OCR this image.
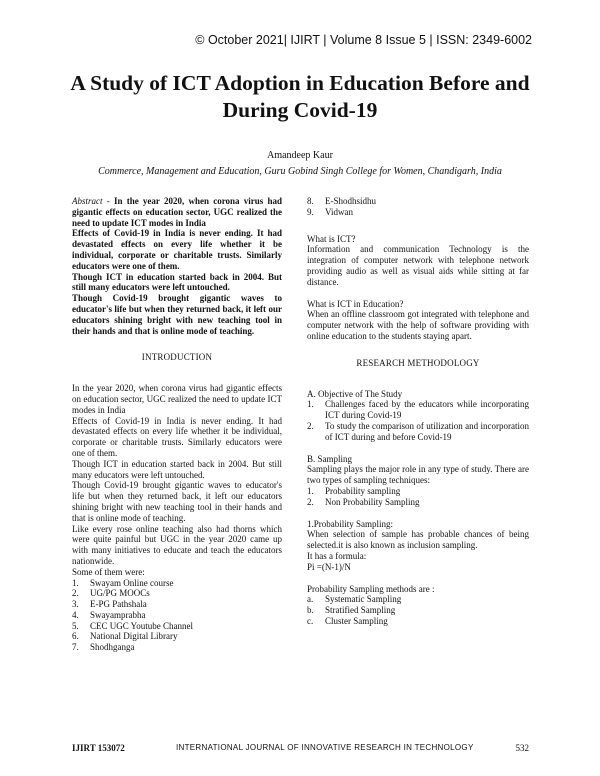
© October 2021| IJIRT | Volume 8 Issue 5 | ISSN: 2349-6002
A Study of ICT Adoption in Education Before and During Covid-19
Amandeep Kaur
Commerce, Management and Education, Guru Gobind Singh College for Women, Chandigarh, India

Abstract - In the year 2020, when corona virus had gigantic effects on education sector, UGC realized the need to update ICT modes in India

Effects of Covid-19 in India is never ending. It had devastated effects on every life whether it be individual, corporate or charitable trusts. Similarly educators were one of them.

Though ICT in education started back in 2004. But still many educators were left untouched.

Though Covid-19 brought gigantic waves to educator's life but when they returned back, it left our educators shining bright with new teaching tool in their hands and that is online mode of teaching.

INTRODUCTION

In the year 2020, when corona virus had gigantic effects on education sector, UGC realized the need to update ICT modes in India

Effects of Covid-19 in India is never ending. It had devastated effects on every life whether it be individual, corporate or charitable trusts. Similarly educators were one of them.

Though ICT in education started back in 2004. But still many educators were left untouched.

Though Covid-19 brought gigantic waves to educator's life but when they returned back, it left our educators shining bright with new teaching tool in their hands and that is online mode of teaching.

Like every rose online teaching also had thorns which were quite painful but UGC in the year 2020 came up with many initiatives to educate and teach the educators nationwide.

Some of them were:

1.	Swayam Online course
2.	UG/PG MOOCs
3.	E-PG Pathshala
4.	Swayamprabha
5.	CEC UGC Youtube Channel
6.	National Digital Library
7.	Shodhganga
8.	E-Shodhsidhu
9.	Vidwan
What is ICT?

Information and communication Technology is the integration of computer network with telephone network providing audio as well as visual aids while sitting at far distance.

What is ICT in Education?

When an offline classroom got integrated with telephone and computer network with the help of software providing with online education to the students staying apart.

RESEARCH METHODOLOGY
A. Objective of The Study
1.	Challenges faced by the educators while incorporating ICT during Covid-19
2.	To study the comparison of utilization and incorporation of ICT during and before Covid-19
B. Sampling

Sampling plays the major role in any type of study. There are two types of sampling techniques:

1.	Probability sampling
2.	Non Probability Sampling
1.Probability Sampling:

When selection of sample has probable chances of being selected.it is also known as inclusion sampling.

It has a formula:
Pi =(N-1)/N
Probability Sampling methods are :
a.	Systematic Sampling
b.	Stratified Sampling
c.	Cluster Sampling
IJIRT 153072	INTERNATIONAL JOURNAL OF INNOVATIVE RESEARCH IN TECHNOLOGY	532
